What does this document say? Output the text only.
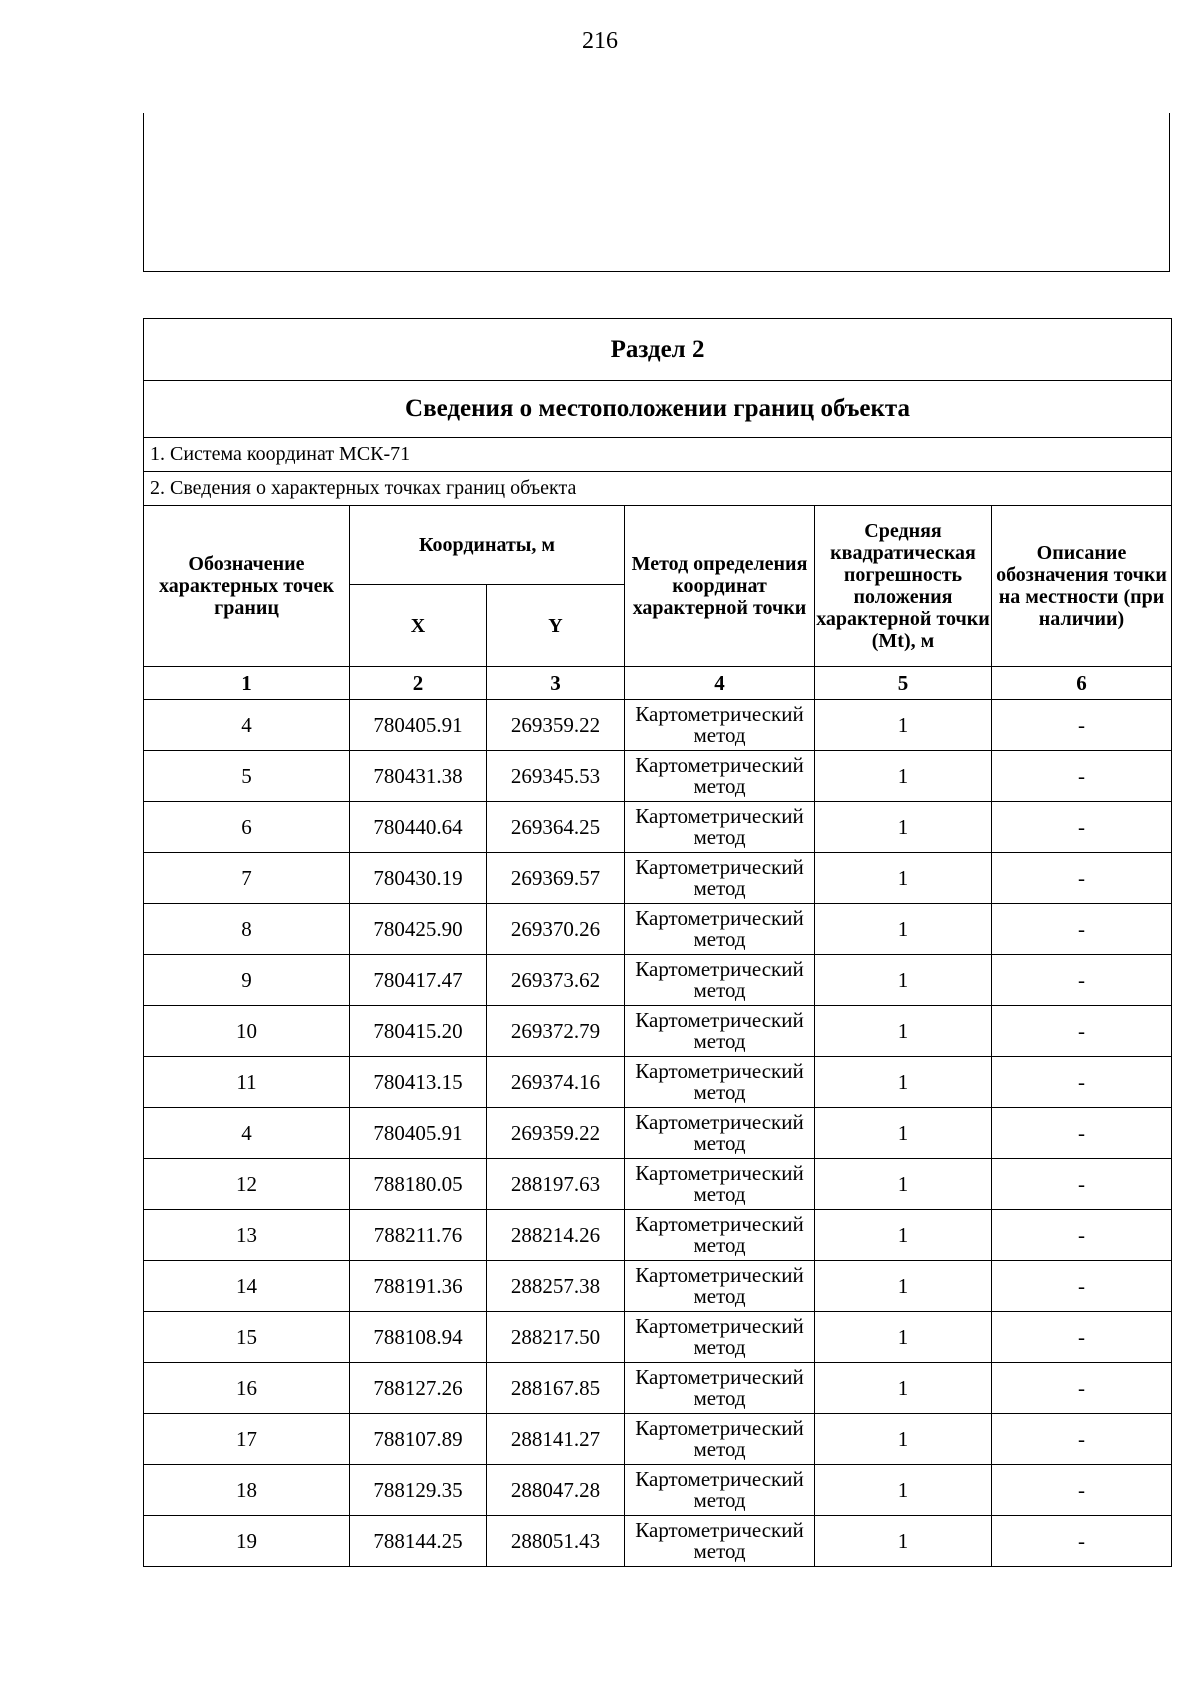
216
Раздел 2					
Сведения о местоположении границ объекта					
1. Система координат МСК-71					
2. Сведения о характерных точках границ объекта					
Обозначение характерных точек границ	Координаты, м		Метод определения координат характерной точки	Средняя квадратическая погрешность положения характерной точки (Mt), м	Описание обозначения точки на местности (при наличии)
	X	Y			
1	2	3	4	5	6
4	780405.91	269359.22	Картометрический метод	1	-
5	780431.38	269345.53	Картометрический метод	1	-
6	780440.64	269364.25	Картометрический метод	1	-
7	780430.19	269369.57	Картометрический метод	1	-
8	780425.90	269370.26	Картометрический метод	1	-
9	780417.47	269373.62	Картометрический метод	1	-
10	780415.20	269372.79	Картометрический метод	1	-
11	780413.15	269374.16	Картометрический метод	1	-
4	780405.91	269359.22	Картометрический метод	1	-
12	788180.05	288197.63	Картометрический метод	1	-
13	788211.76	288214.26	Картометрический метод	1	-
14	788191.36	288257.38	Картометрический метод	1	-
15	788108.94	288217.50	Картометрический метод	1	-
16	788127.26	288167.85	Картометрический метод	1	-
17	788107.89	288141.27	Картометрический метод	1	-
18	788129.35	288047.28	Картометрический метод	1	-
19	788144.25	288051.43	Картометрический метод	1	-
